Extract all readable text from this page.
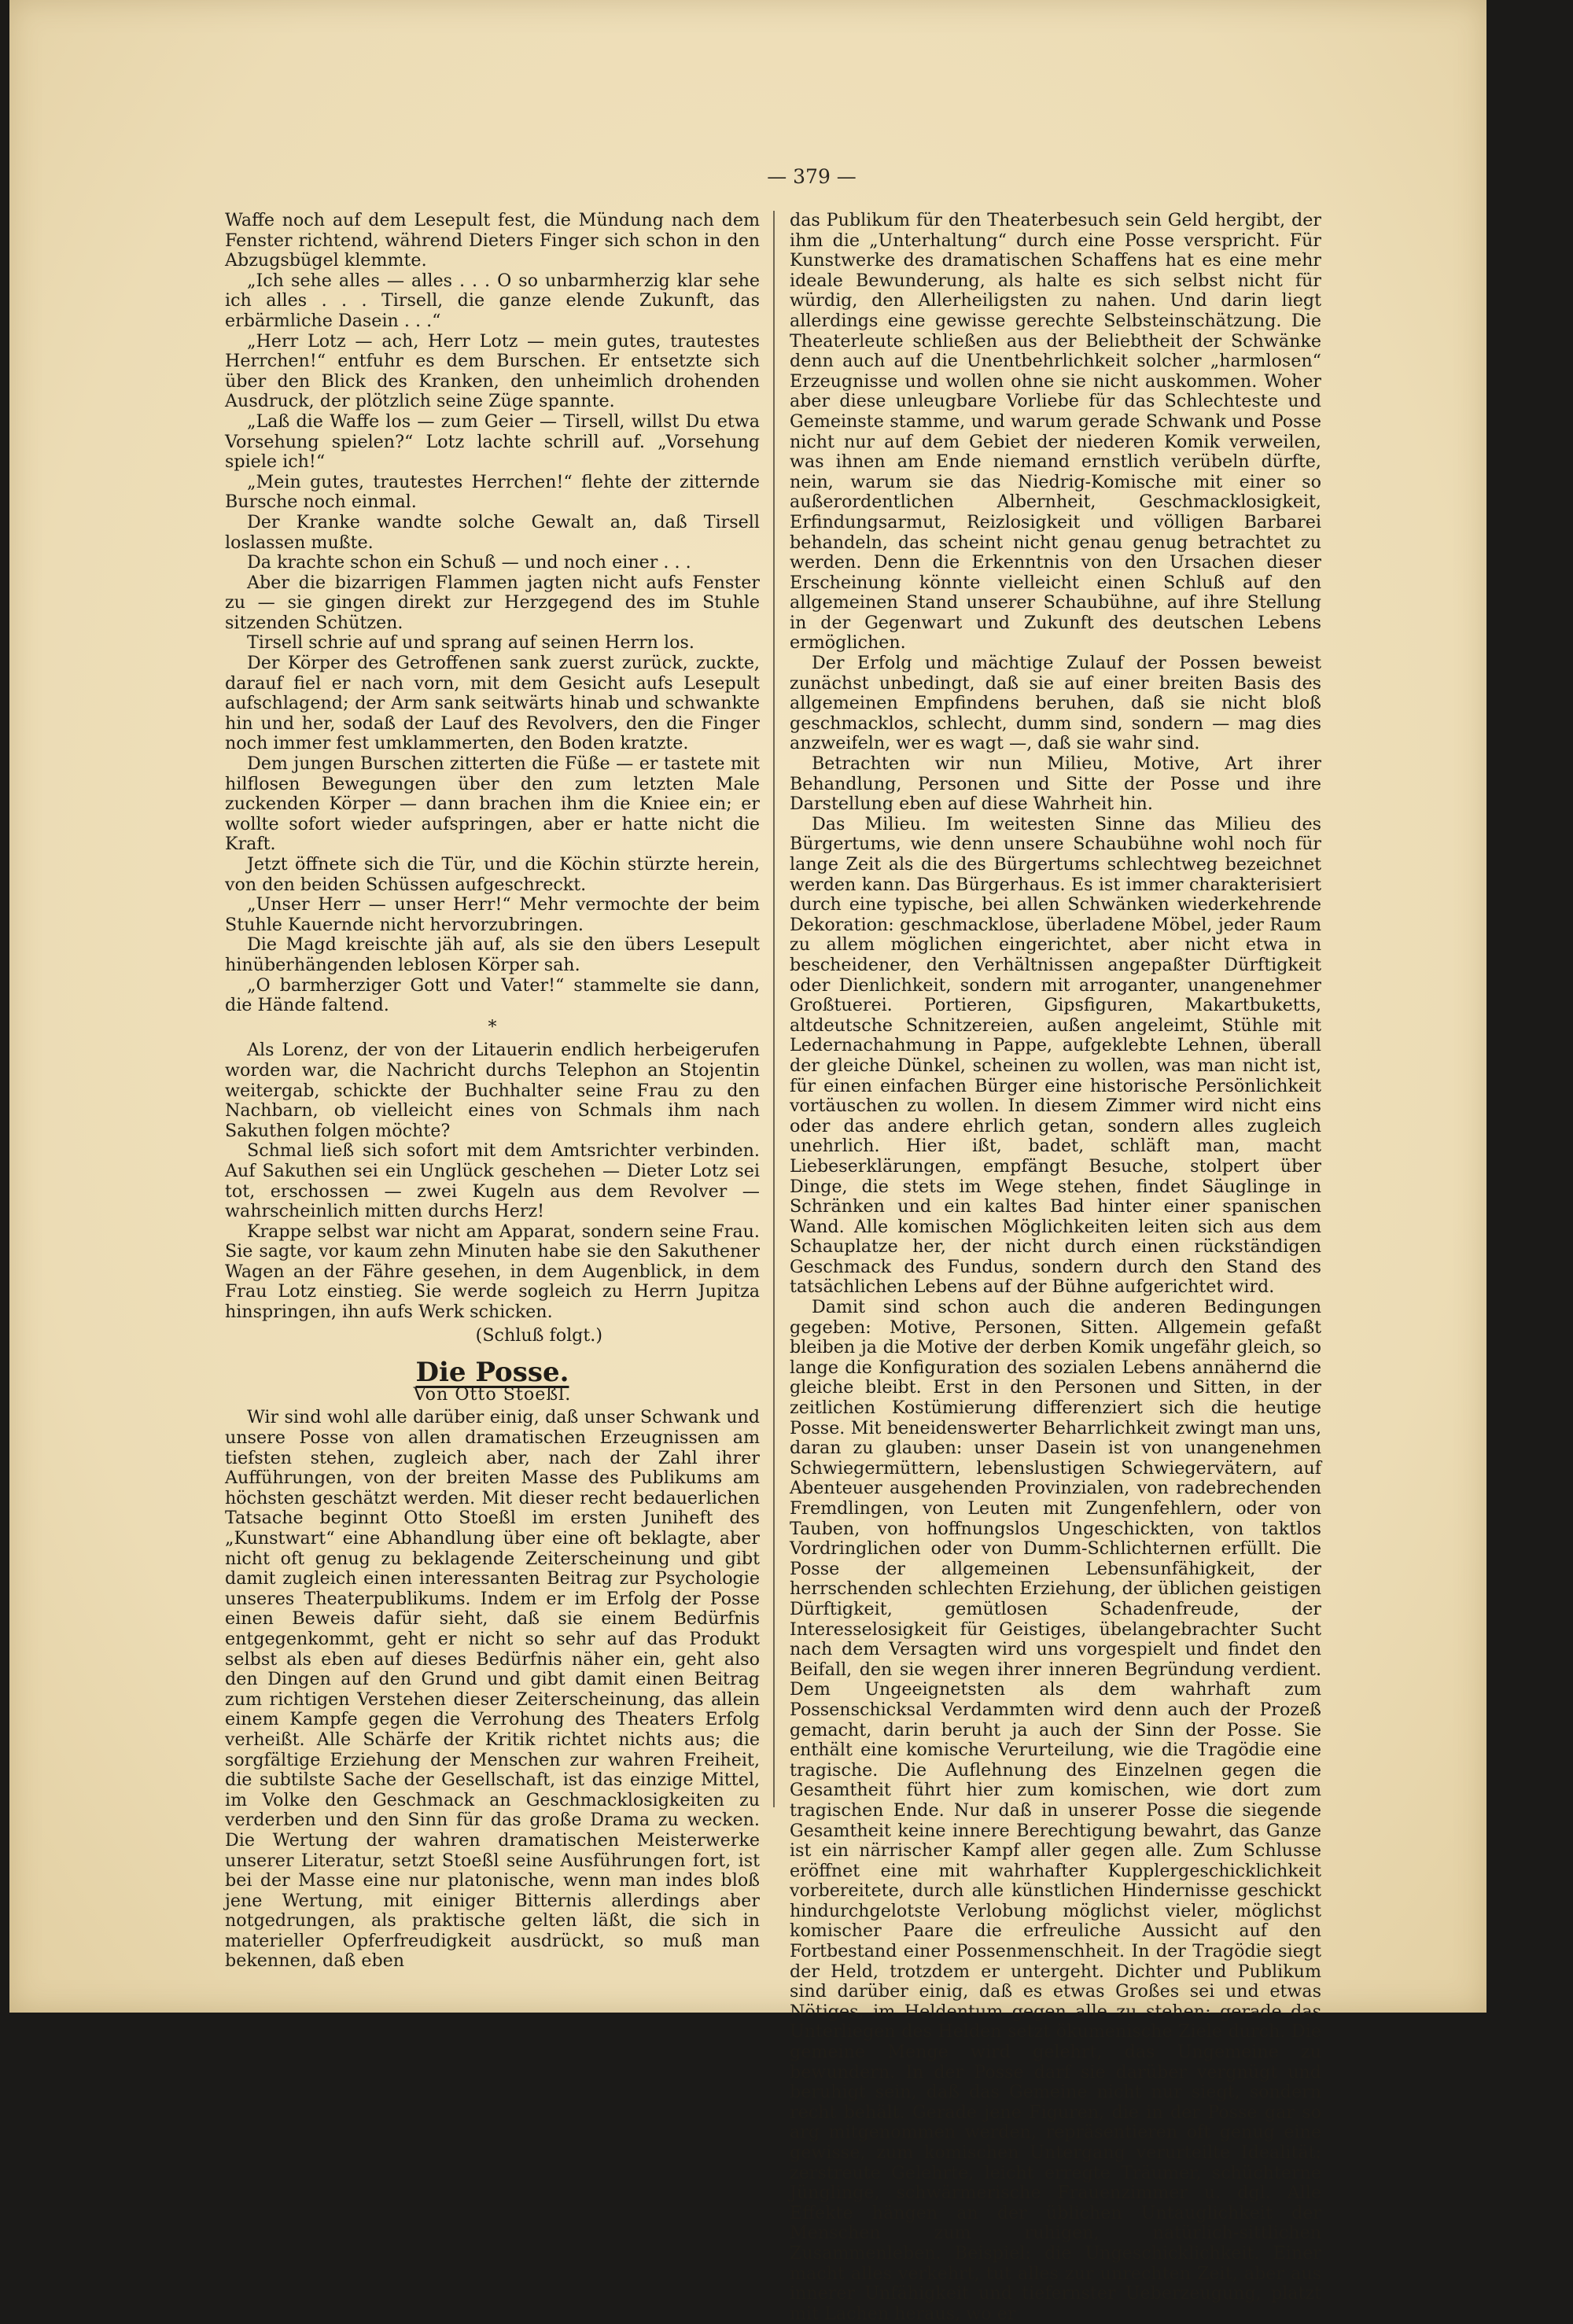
— 379 —

Waffe noch auf dem Lesepult fest, die Mündung nach dem Fenster richtend, während Dieters Finger sich schon in den Abzugsbügel klemmte.

„Ich sehe alles — alles . . . O so unbarmherzig klar sehe ich alles . . . Tirsell, die ganze elende Zukunft, das erbärmliche Dasein . . .“

„Herr Lotz — ach, Herr Lotz — mein gutes, trautestes Herrchen!“ entfuhr es dem Burschen. Er entsetzte sich über den Blick des Kranken, den unheimlich drohenden Ausdruck, der plötzlich seine Züge spannte.

„Laß die Waffe los — zum Geier — Tirsell, willst Du etwa Vorsehung spielen?“ Lotz lachte schrill auf. „Vorsehung spiele ich!“

„Mein gutes, trautestes Herrchen!“ flehte der zitternde Bursche noch einmal.

Der Kranke wandte solche Gewalt an, daß Tirsell loslassen mußte.

Da krachte schon ein Schuß — und noch einer . . .

Aber die bizarrigen Flammen jagten nicht aufs Fenster zu — sie gingen direkt zur Herzgegend des im Stuhle sitzenden Schützen.

Tirsell schrie auf und sprang auf seinen Herrn los.

Der Körper des Getroffenen sank zuerst zurück, zuckte, darauf fiel er nach vorn, mit dem Gesicht aufs Lesepult aufschlagend; der Arm sank seitwärts hinab und schwankte hin und her, sodaß der Lauf des Revolvers, den die Finger noch immer fest umklammerten, den Boden kratzte.

Dem jungen Burschen zitterten die Füße — er tastete mit hilflosen Bewegungen über den zum letzten Male zuckenden Körper — dann brachen ihm die Kniee ein; er wollte sofort wieder aufspringen, aber er hatte nicht die Kraft.

Jetzt öffnete sich die Tür, und die Köchin stürzte herein, von den beiden Schüssen aufgeschreckt.

„Unser Herr — unser Herr!“ Mehr vermochte der beim Stuhle Kauernde nicht hervorzubringen.

Die Magd kreischte jäh auf, als sie den übers Lesepult hinüberhängenden leblosen Körper sah.

„O barmherziger Gott und Vater!“ stammelte sie dann, die Hände faltend.

*

Als Lorenz, der von der Litauerin endlich herbeigerufen worden war, die Nachricht durchs Telephon an Stojentin weitergab, schickte der Buchhalter seine Frau zu den Nachbarn, ob vielleicht eines von Schmals ihm nach Sakuthen folgen möchte?

Schmal ließ sich sofort mit dem Amtsrichter verbinden. Auf Sakuthen sei ein Unglück geschehen — Dieter Lotz sei tot, erschossen — zwei Kugeln aus dem Revolver — wahrscheinlich mitten durchs Herz!

Krappe selbst war nicht am Apparat, sondern seine Frau. Sie sagte, vor kaum zehn Minuten habe sie den Sakuthener Wagen an der Fähre gesehen, in dem Augenblick, in dem Frau Lotz einstieg. Sie werde sogleich zu Herrn Jupitza hinspringen, ihn aufs Werk schicken.

(Schluß folgt.)
Die Posse.
Von Otto Stoeßl.

Wir sind wohl alle darüber einig, daß unser Schwank und unsere Posse von allen dramatischen Erzeugnissen am tiefsten stehen, zugleich aber, nach der Zahl ihrer Aufführungen, von der breiten Masse des Publikums am höchsten geschätzt werden. Mit dieser recht bedauerlichen Tatsache beginnt Otto Stoeßl im ersten Juniheft des „Kunstwart“ eine Abhandlung über eine oft beklagte, aber nicht oft genug zu beklagende Zeiterscheinung und gibt damit zugleich einen interessanten Beitrag zur Psychologie unseres Theaterpublikums. Indem er im Erfolg der Posse einen Beweis dafür sieht, daß sie einem Bedürfnis entgegenkommt, geht er nicht so sehr auf das Produkt selbst als eben auf dieses Bedürfnis näher ein, geht also den Dingen auf den Grund und gibt damit einen Beitrag zum richtigen Verstehen dieser Zeiterscheinung, das allein einem Kampfe gegen die Verrohung des Theaters Erfolg verheißt. Alle Schärfe der Kritik richtet nichts aus; die sorgfältige Erziehung der Menschen zur wahren Freiheit, die subtilste Sache der Gesellschaft, ist das einzige Mittel, im Volke den Geschmack an Geschmacklosigkeiten zu verderben und den Sinn für das große Drama zu wecken. Die Wertung der wahren dramatischen Meisterwerke unserer Literatur, setzt Stoeßl seine Ausführungen fort, ist bei der Masse eine nur platonische, wenn man indes bloß jene Wertung, mit einiger Bitternis allerdings aber notgedrungen, als praktische gelten läßt, die sich in materieller Opferfreudigkeit ausdrückt, so muß man bekennen, daß eben

das Publikum für den Theaterbesuch sein Geld hergibt, der ihm die „Unterhaltung“ durch eine Posse verspricht. Für Kunstwerke des dramatischen Schaffens hat es eine mehr ideale Bewunderung, als halte es sich selbst nicht für würdig, den Allerheiligsten zu nahen. Und darin liegt allerdings eine gewisse gerechte Selbsteinschätzung. Die Theaterleute schließen aus der Beliebtheit der Schwänke denn auch auf die Unentbehrlichkeit solcher „harmlosen“ Erzeugnisse und wollen ohne sie nicht auskommen. Woher aber diese unleugbare Vorliebe für das Schlechteste und Gemeinste stamme, und warum gerade Schwank und Posse nicht nur auf dem Gebiet der niederen Komik verweilen, was ihnen am Ende niemand ernstlich verübeln dürfte, nein, warum sie das Niedrig-Komische mit einer so außerordentlichen Albernheit, Geschmacklosigkeit, Erfindungsarmut, Reizlosigkeit und völligen Barbarei behandeln, das scheint nicht genau genug betrachtet zu werden. Denn die Erkenntnis von den Ursachen dieser Erscheinung könnte vielleicht einen Schluß auf den allgemeinen Stand unserer Schaubühne, auf ihre Stellung in der Gegenwart und Zukunft des deutschen Lebens ermöglichen.

Der Erfolg und mächtige Zulauf der Possen beweist zunächst unbedingt, daß sie auf einer breiten Basis des allgemeinen Empfindens beruhen, daß sie nicht bloß geschmacklos, schlecht, dumm sind, sondern — mag dies anzweifeln, wer es wagt —, daß sie wahr sind.

Betrachten wir nun Milieu, Motive, Art ihrer Behandlung, Personen und Sitte der Posse und ihre Darstellung eben auf diese Wahrheit hin.

Das Milieu. Im weitesten Sinne das Milieu des Bürgertums, wie denn unsere Schaubühne wohl noch für lange Zeit als die des Bürgertums schlechtweg bezeichnet werden kann. Das Bürgerhaus. Es ist immer charakterisiert durch eine typische, bei allen Schwänken wiederkehrende Dekoration: geschmacklose, überladene Möbel, jeder Raum zu allem möglichen eingerichtet, aber nicht etwa in bescheidener, den Verhältnissen angepaßter Dürftigkeit oder Dienlichkeit, sondern mit arroganter, unangenehmer Großtuerei. Portieren, Gipsfiguren, Makartbuketts, altdeutsche Schnitzereien, außen angeleimt, Stühle mit Ledernachahmung in Pappe, aufgeklebte Lehnen, überall der gleiche Dünkel, scheinen zu wollen, was man nicht ist, für einen einfachen Bürger eine historische Persönlichkeit vortäuschen zu wollen. In diesem Zimmer wird nicht eins oder das andere ehrlich getan, sondern alles zugleich unehrlich. Hier ißt, badet, schläft man, macht Liebeserklärungen, empfängt Besuche, stolpert über Dinge, die stets im Wege stehen, findet Säuglinge in Schränken und ein kaltes Bad hinter einer spanischen Wand. Alle komischen Möglichkeiten leiten sich aus dem Schauplatze her, der nicht durch einen rückständigen Geschmack des Fundus, sondern durch den Stand des tatsächlichen Lebens auf der Bühne aufgerichtet wird.

Damit sind schon auch die anderen Bedingungen gegeben: Motive, Personen, Sitten. Allgemein gefaßt bleiben ja die Motive der derben Komik ungefähr gleich, so lange die Konfiguration des sozialen Lebens annähernd die gleiche bleibt. Erst in den Personen und Sitten, in der zeitlichen Kostümierung differenziert sich die heutige Posse. Mit beneidenswerter Beharrlichkeit zwingt man uns, daran zu glauben: unser Dasein ist von unangenehmen Schwiegermüttern, lebenslustigen Schwiegervätern, auf Abenteuer ausgehenden Provinzialen, von radebrechenden Fremdlingen, von Leuten mit Zungenfehlern, oder von Tauben, von hoffnungslos Ungeschickten, von taktlos Vordringlichen oder von Dumm-Schlichternen erfüllt. Die Posse der allgemeinen Lebensunfähigkeit, der herrschenden schlechten Erziehung, der üblichen geistigen Dürftigkeit, gemütlosen Schadenfreude, der Interesselosigkeit für Geistiges, übelangebrachter Sucht nach dem Versagten wird uns vorgespielt und findet den Beifall, den sie wegen ihrer inneren Begründung verdient. Dem Ungeeignetsten als dem wahrhaft zum Possenschicksal Verdammten wird denn auch der Prozeß gemacht, darin beruht ja auch der Sinn der Posse. Sie enthält eine komische Verurteilung, wie die Tragödie eine tragische. Die Auflehnung des Einzelnen gegen die Gesamtheit führt hier zum komischen, wie dort zum tragischen Ende. Nur daß in unserer Posse die siegende Gesamtheit keine innere Berechtigung bewahrt, das Ganze ist ein närrischer Kampf aller gegen alle. Zum Schlusse eröffnet eine mit wahrhafter Kupplergeschicklichkeit vorbereitete, durch alle künstlichen Hindernisse geschickt hindurchgelotste Verlobung möglichst vieler, möglichst komischer Paare die erfreuliche Aussicht auf den Fortbestand einer Possenmenschheit. In der Tragödie siegt der Held, trotzdem er untergeht. Dichter und Publikum sind darüber einig, daß es etwas Großes sei und etwas Nötiges, im Heldentum gegen alle zu stehen; gerade das Unterliegen des Helden setzt ökumenische Ziele durch. Die gemeine Menge wird gelehrt, das Ungemeine zu bewundern. In der Posse darf sie darüber vergnügt und beruhigt sein, daß das Gemeine nicht nur siegt, sondern recht behält. Gerade jene Figuren, die in der Posse gar so arg mitgenommen werden, repräsentieren oft genug eine gewisse, zum komischen Untergang verurteilte Idealität: zerstreute Gelehrte, leicht erregte Träumer, schüchterne Jünglinge, schwärmerische Frauenzimmer u. dgl. Alle Effekte hängen an der üblichen Untauglichkeit der Menschen zum ruhigen, natürlich-sittlichen Zusammenleben. Beispiel: die Ungeschicklichkeit. Einer macht alles verkehrt, tut alles zur unrechten Zeit, aber aus innerer Unfähigkeit und tiefernster Ueberzeugung, platzt mit Lachen heraus, wo er
